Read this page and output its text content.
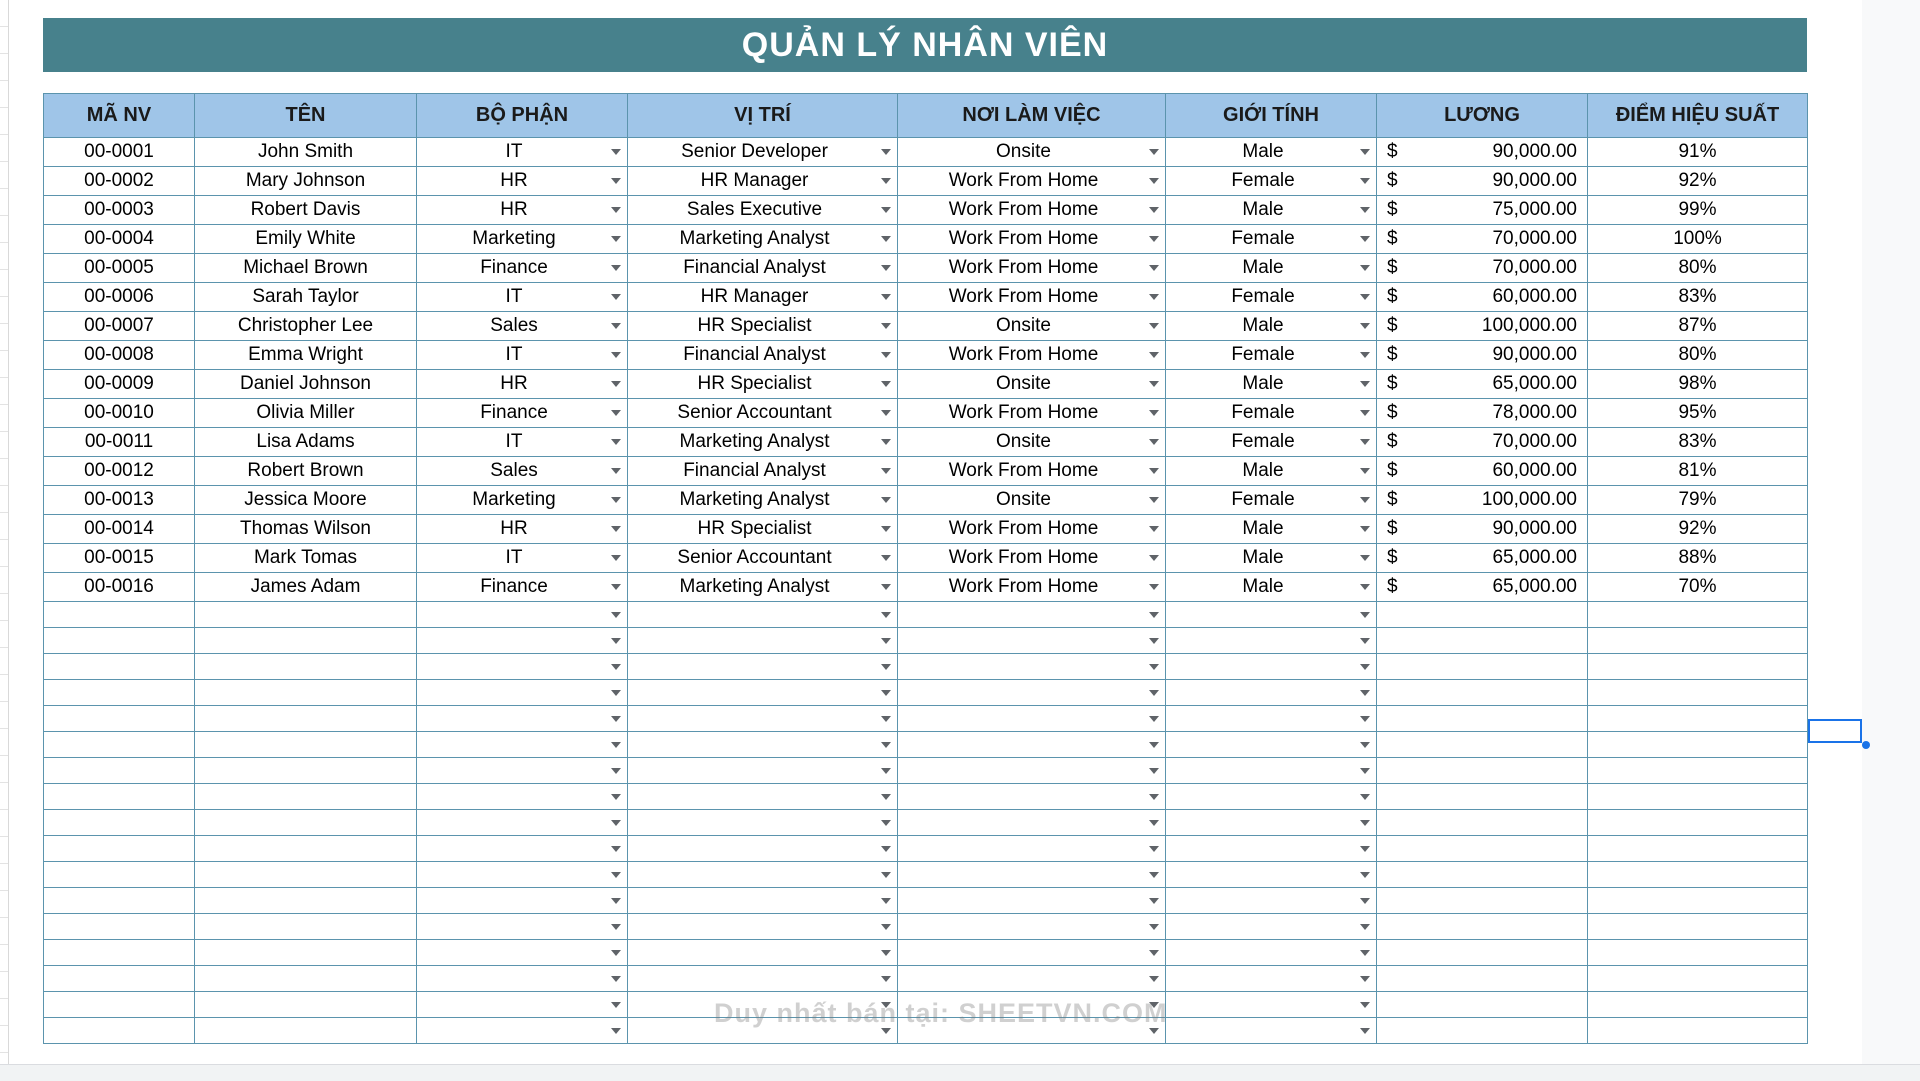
QUẢN LÝ NHÂN VIÊN
MÃ NV	TÊN	BỘ PHẬN	VỊ TRÍ	NƠI LÀM VIỆC	GIỚI TÍNH	LƯƠNG	ĐIỂM HIỆU SUẤT
00-0001	John Smith	IT	Senior Developer	Onsite	Male	$ 90,000.00	91%
00-0002	Mary Johnson	HR	HR Manager	Work From Home	Female	$ 90,000.00	92%
00-0003	Robert Davis	HR	Sales Executive	Work From Home	Male	$ 75,000.00	99%
00-0004	Emily White	Marketing	Marketing Analyst	Work From Home	Female	$ 70,000.00	100%
00-0005	Michael Brown	Finance	Financial Analyst	Work From Home	Male	$ 70,000.00	80%
00-0006	Sarah Taylor	IT	HR Manager	Work From Home	Female	$ 60,000.00	83%
00-0007	Christopher Lee	Sales	HR Specialist	Onsite	Male	$ 100,000.00	87%
00-0008	Emma Wright	IT	Financial Analyst	Work From Home	Female	$ 90,000.00	80%
00-0009	Daniel Johnson	HR	HR Specialist	Onsite	Male	$ 65,000.00	98%
00-0010	Olivia Miller	Finance	Senior Accountant	Work From Home	Female	$ 78,000.00	95%
00-0011	Lisa Adams	IT	Marketing Analyst	Onsite	Female	$ 70,000.00	83%
00-0012	Robert Brown	Sales	Financial Analyst	Work From Home	Male	$ 60,000.00	81%
00-0013	Jessica Moore	Marketing	Marketing Analyst	Onsite	Female	$ 100,000.00	79%
00-0014	Thomas Wilson	HR	HR Specialist	Work From Home	Male	$ 90,000.00	92%
00-0015	Mark Tomas	IT	Senior Accountant	Work From Home	Male	$ 65,000.00	88%
00-0016	James Adam	Finance	Marketing Analyst	Work From Home	Male	$ 65,000.00	70%

Duy nhất bán tại: SHEETVN.COM
